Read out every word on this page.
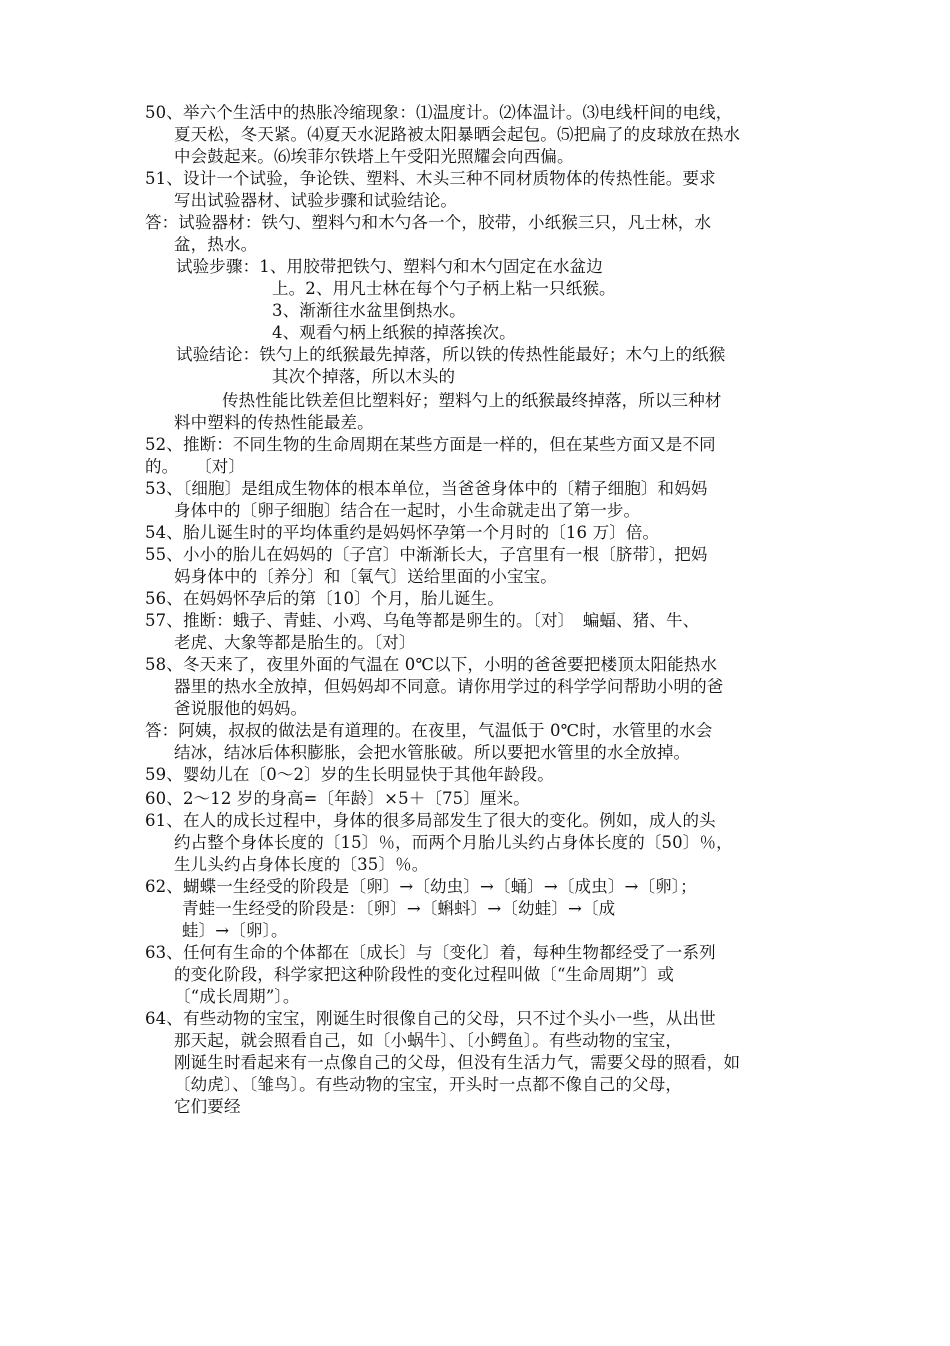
50、举六个生活中的热胀冷缩现象：⑴温度计。⑵体温计。⑶电线杆间的电线，
夏天松，冬天紧。⑷夏天水泥路被太阳暴晒会起包。⑸把扁了的皮球放在热水
中会鼓起来。⑹埃菲尔铁塔上午受阳光照耀会向西偏。
51、设计一个试验，争论铁、塑料、木头三种不同材质物体的传热性能。要求
写出试验器材、试验步骤和试验结论。
答：试验器材：铁勺、塑料勺和木勺各一个，胶带，小纸猴三只，凡士林，水
盆，热水。
试验步骤：1、用胶带把铁勺、塑料勺和木勺固定在水盆边
上。2、用凡士林在每个勺子柄上粘一只纸猴。
3、渐渐往水盆里倒热水。
4、观看勺柄上纸猴的掉落挨次。
试验结论：铁勺上的纸猴最先掉落，所以铁的传热性能最好；木勺上的纸猴
其次个掉落，所以木头的
传热性能比铁差但比塑料好；塑料勺上的纸猴最终掉落，所以三种材
料中塑料的传热性能最差。
52、推断：不同生物的生命周期在某些方面是一样的，但在某些方面又是不同
的。　　〔对〕
53、〔细胞〕是组成生物体的根本单位，当爸爸身体中的〔精子细胞〕和妈妈
身体中的〔卵子细胞〕结合在一起时，小生命就走出了第一步。
54、胎儿诞生时的平均体重约是妈妈怀孕第一个月时的〔16 万〕倍。
55、小小的胎儿在妈妈的〔子宫〕中渐渐长大，子宫里有一根〔脐带〕，把妈
妈身体中的〔养分〕和〔氧气〕送给里面的小宝宝。
56、在妈妈怀孕后的第〔10〕个月，胎儿诞生。
57、推断：蛾子、青蛙、小鸡、乌龟等都是卵生的。〔对〕　蝙蝠、猪、牛、
老虎、大象等都是胎生的。〔对〕
58、冬天来了，夜里外面的气温在 0℃以下，小明的爸爸要把楼顶太阳能热水
器里的热水全放掉，但妈妈却不同意。请你用学过的科学学问帮助小明的爸
爸说服他的妈妈。
答：阿姨，叔叔的做法是有道理的。在夜里，气温低于 0℃时，水管里的水会
结冰，结冰后体积膨胀，会把水管胀破。所以要把水管里的水全放掉。
59、婴幼儿在〔0～2〕岁的生长明显快于其他年龄段。
60、2～12 岁的身高=〔年龄〕×5＋〔75〕厘米。
61、在人的成长过程中，身体的很多局部发生了很大的变化。例如，成人的头
约占整个身体长度的〔15〕％，而两个月胎儿头约占身体长度的〔50〕％，
生儿头约占身体长度的〔35〕％。
62、蝴蝶一生经受的阶段是〔卵〕→〔幼虫〕→〔蛹〕→〔成虫〕→〔卵〕；
青蛙一生经受的阶段是：〔卵〕→〔蝌蚪〕→〔幼蛙〕→〔成
蛙〕→〔卵〕。
63、任何有生命的个体都在〔成长〕与〔变化〕着，每种生物都经受了一系列
的变化阶段，科学家把这种阶段性的变化过程叫做〔“生命周期”〕或
〔“成长周期”〕。
64、有些动物的宝宝，刚诞生时很像自己的父母，只不过个头小一些，从出世
那天起，就会照看自己，如〔小蜗牛〕、〔小鳄鱼〕。有些动物的宝宝，
刚诞生时看起来有一点像自己的父母，但没有生活力气，需要父母的照看，如
〔幼虎〕、〔雏鸟〕。有些动物的宝宝，开头时一点都不像自己的父母，
它们要经
